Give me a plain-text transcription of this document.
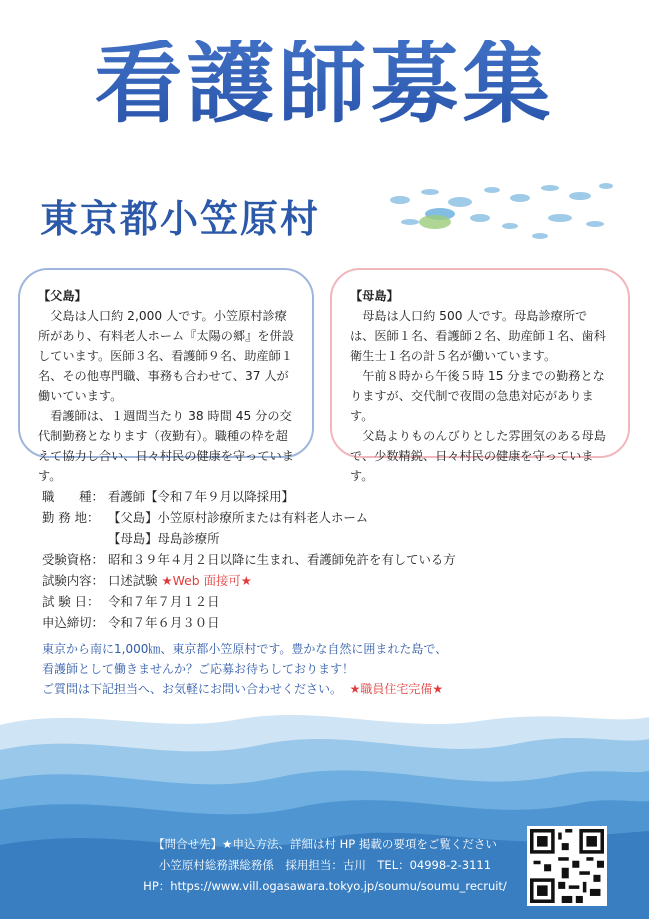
看護師募集
東京都小笠原村
【父島】

父島は人口約 2,000 人です。小笠原村診療所があり、有料老人ホーム『太陽の郷』を併設しています。医師３名、看護師９名、助産師１名、その他専門職、事務も合わせて、37 人が働いています。

看護師は、１週間当たり 38 時間 45 分の交代制勤務となります（夜勤有）。職種の枠を超えて協力し合い、日々村民の健康を守っています。

【母島】

母島は人口約 500 人です。母島診療所では、医師１名、看護師２名、助産師１名、歯科衛生士１名の計５名が働いています。

午前８時から午後５時 15 分までの勤務となりますが、交代制で夜間の急患対応があります。

父島よりものんびりとした雰囲気のある母島で、少数精鋭、日々村民の健康を守っています。

職　　種： 看護師【令和７年９月以降採用】
勤 務 地： 【父島】小笠原村診療所または有料老人ホーム
【母島】母島診療所
受験資格： 昭和３９年４月２日以降に生まれ、看護師免許を有している方
試験内容： 口述試験
★Web 面接可★
試 験 日： 令和７年７月１２日
申込締切： 令和７年６月３０日
東京から南に1,000㎞、東京都小笠原村です。豊かな自然に囲まれた島で、
看護師として働きませんか？ご応募お待ちしております！
ご質問は下記担当へ、お気軽にお問い合わせください。 ★職員住宅完備★
【問合せ先】★申込方法、詳細は村 HP 掲載の要項をご覧ください
小笠原村総務課総務係　採用担当：古川　TEL：04998-2-3111
HP：https://www.vill.ogasawara.tokyo.jp/soumu/soumu_recruit/
